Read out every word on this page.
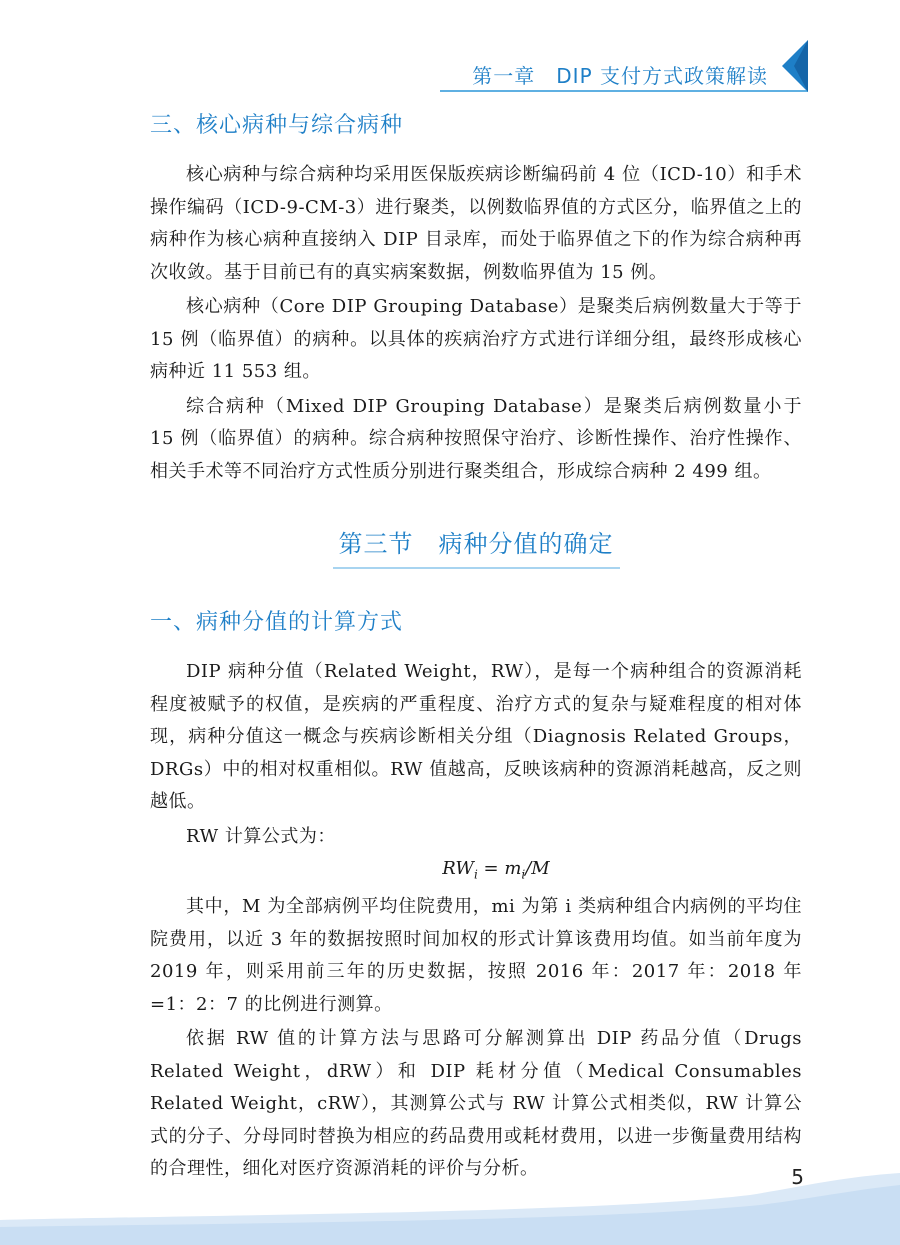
第一章　DIP 支付方式政策解读
三、核心病种与综合病种

核心病种与综合病种均采用医保版疾病诊断编码前 4 位（ICD-10）和手术操作编码（ICD-9-CM-3）进行聚类，以例数临界值的方式区分，临界值之上的病种作为核心病种直接纳入 DIP 目录库，而处于临界值之下的作为综合病种再次收敛。基于目前已有的真实病案数据，例数临界值为 15 例。

核心病种（Core DIP Grouping Database）是聚类后病例数量大于等于 15 例（临界值）的病种。以具体的疾病治疗方式进行详细分组，最终形成核心病种近 11 553 组。

综合病种（Mixed DIP Grouping Database）是聚类后病例数量小于 15 例（临界值）的病种。综合病种按照保守治疗、诊断性操作、治疗性操作、相关手术等不同治疗方式性质分别进行聚类组合，形成综合病种 2 499 组。

第三节　病种分值的确定
一、病种分值的计算方式

DIP 病种分值（Related Weight，RW），是每一个病种组合的资源消耗程度被赋予的权值，是疾病的严重程度、治疗方式的复杂与疑难程度的相对体现，病种分值这一概念与疾病诊断相关分组（Diagnosis Related Groups，DRGs）中的相对权重相似。RW 值越高，反映该病种的资源消耗越高，反之则越低。

RW 计算公式为：

$RW_i = m_i/M$

其中，M 为全部病例平均住院费用，mi 为第 i 类病种组合内病例的平均住院费用，以近 3 年的数据按照时间加权的形式计算该费用均值。如当前年度为 2019 年，则采用前三年的历史数据，按照 2016 年：2017 年：2018 年 =1：2：7 的比例进行测算。

依据 RW 值的计算方法与思路可分解测算出 DIP 药品分值（Drugs Related Weight，dRW）和 DIP 耗材分值（Medical Consumables Related Weight，cRW），其测算公式与 RW 计算公式相类似，RW 计算公式的分子、分母同时替换为相应的药品费用或耗材费用，以进一步衡量费用结构的合理性，细化对医疗资源消耗的评价与分析。	5
